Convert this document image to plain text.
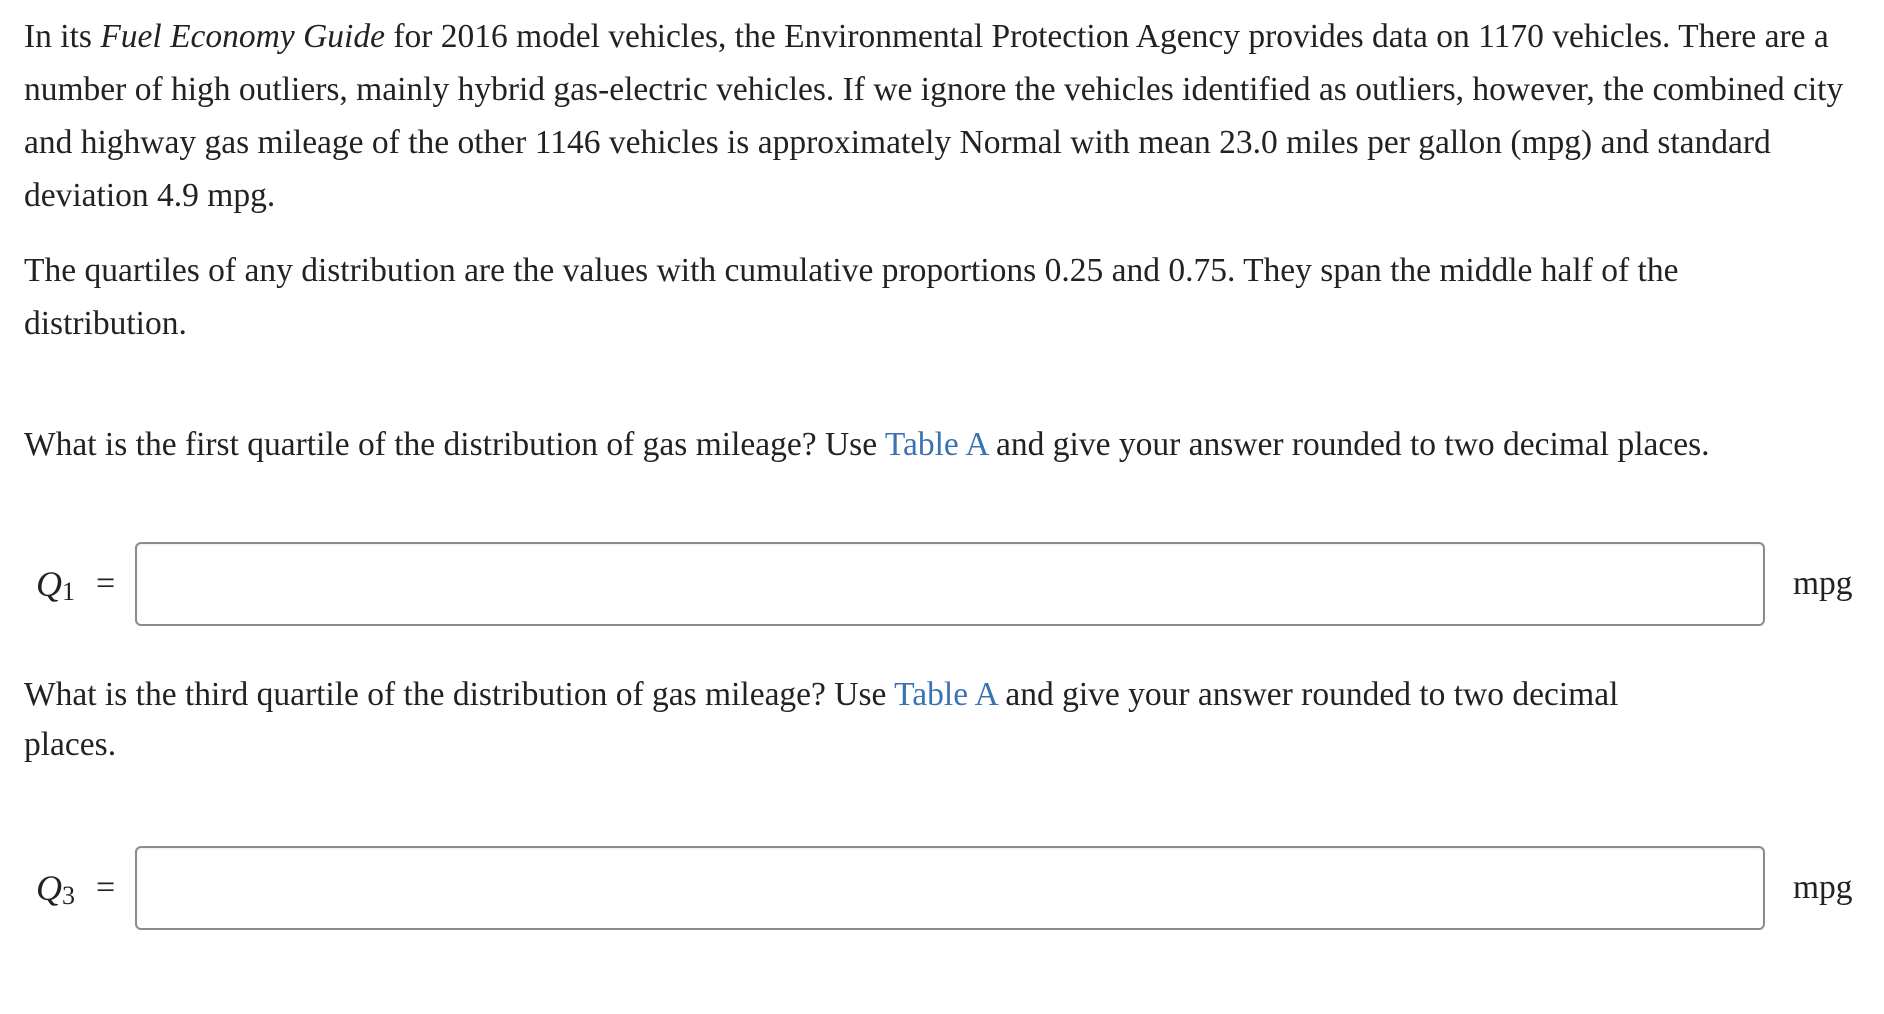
In its Fuel Economy Guide for 2016 model vehicles, the Environmental Protection Agency provides data on 1170 vehicles. There are a number of high outliers, mainly hybrid gas-electric vehicles. If we ignore the vehicles identified as outliers, however, the combined city and highway gas mileage of the other 1146 vehicles is approximately Normal with mean 23.0 miles per gallon (mpg) and standard deviation 4.9 mpg.

The quartiles of any distribution are the values with cumulative proportions 0.25 and 0.75. They span the middle half of the distribution.

What is the first quartile of the distribution of gas mileage? Use Table A and give your answer rounded to two decimal places.

$Q_1$ =	mpg

What is the third quartile of the distribution of gas mileage? Use Table A and give your answer rounded to two decimal places.

$Q_3$ =	mpg
